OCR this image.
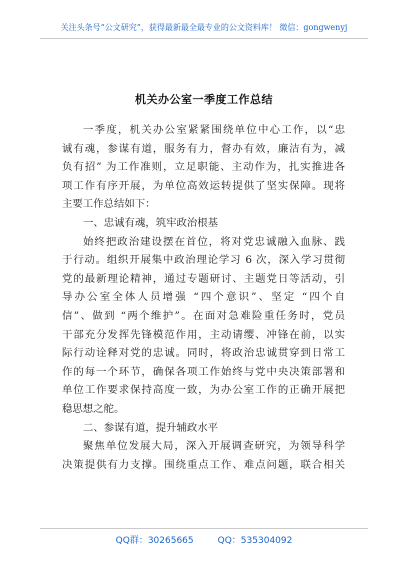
关注头条号“公文研究”，获得最新最全最专业的公文资料库！ 微信：gongwenyj
机关办公室一季度工作总结
一季度，机关办公室紧紧围绕单位中心工作，以“忠
诚有魂，参谋有道，服务有力，督办有效，廉洁有为，减
负有招” 为工作准则，立足职能、主动作为，扎实推进各
项工作有序开展，为单位高效运转提供了坚实保障。现将
主要工作总结如下：
一、忠诚有魂，筑牢政治根基
始终把政治建设摆在首位，将对党忠诚融入血脉、践
于行动。组织开展集中政治理论学习 6 次，深入学习贯彻
党的最新理论精神，通过专题研讨、主题党日等活动，引
导办公室全体人员增强 “四个意识”、坚定 “四个自
信”、做到 “两个维护”。在面对急难险重任务时，党员
干部充分发挥先锋模范作用，主动请缨、冲锋在前，以实
际行动诠释对党的忠诚。同时，将政治忠诚贯穿到日常工
作的每一个环节，确保各项工作始终与党中央决策部署和
单位工作要求保持高度一致，为办公室工作的正确开展把
稳思想之舵。
二、参谋有道，提升辅政水平
聚焦单位发展大局，深入开展调查研究，为领导科学
决策提供有力支撑。围绕重点工作、难点问题，联合相关
QQ群：30265665	QQ：535304092
